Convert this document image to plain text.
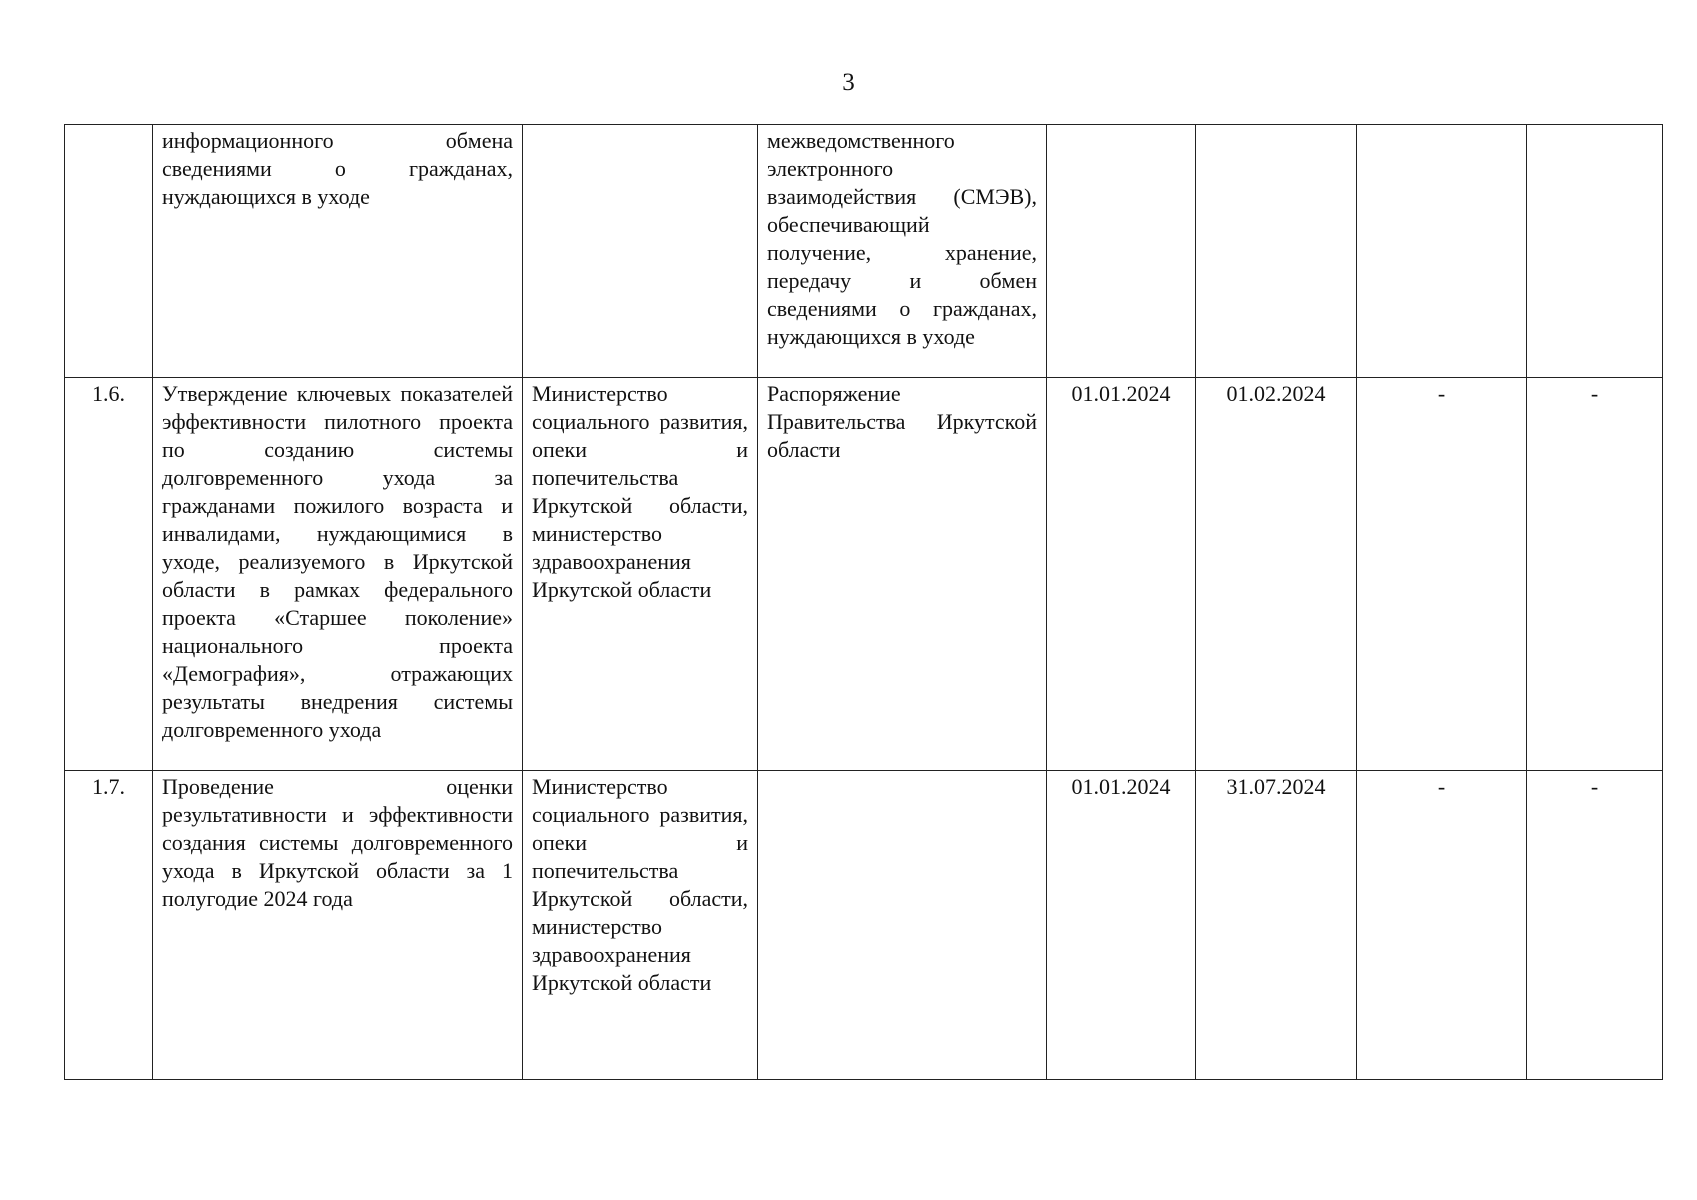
3
	информационного обмена сведениями о гражданах, нуждающихся в уходе		межведомственного электронного взаимодействия (СМЭВ), обеспечивающий получение, хранение, передачу и обмен сведениями о гражданах, нуждающихся в уходе				
1.6.	Утверждение ключевых показателей эффективности пилотного проекта по созданию системы долговременного ухода за гражданами пожилого возраста и инвалидами, нуждающимися в уходе, реализуемого в Иркутской области в рамках федерального проекта «Старшее поколение» национального проекта «Демография», отражающих результаты внедрения системы долговременного ухода	Министерство социального развития, опеки и попечительства Иркутской области, министерство здравоохранения Иркутской области	Распоряжение Правительства Иркутской области	01.01.2024	01.02.2024	-	-
1.7.	Проведение оценки результативности и эффективности создания системы долговременного ухода в Иркутской области за 1 полугодие 2024 года	Министерство социального развития, опеки и попечительства Иркутской области, министерство здравоохранения Иркутской области		01.01.2024	31.07.2024	-	-
